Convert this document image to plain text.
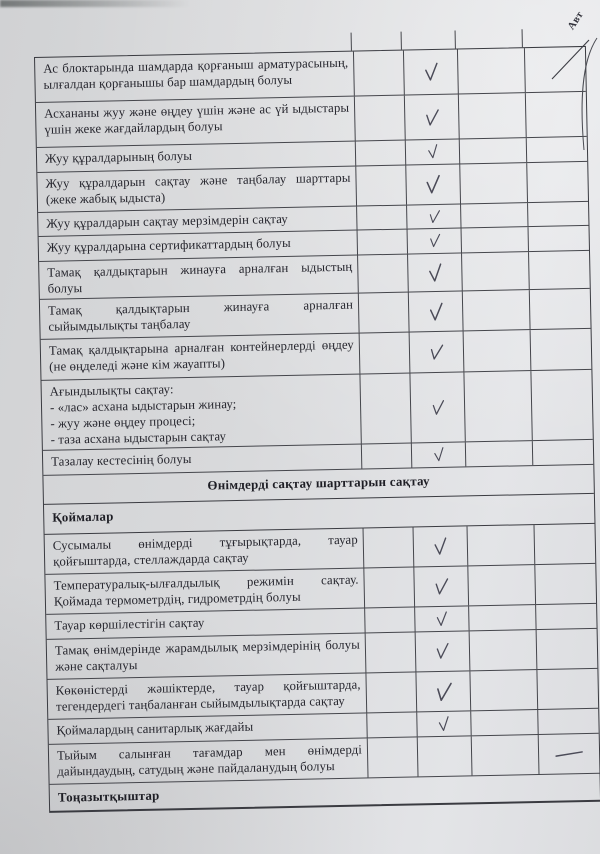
Ас блоктарында шамдарда қорғаныш арматурасының, ылғалдан қорғанышы бар шамдардың болуы
Асхананы жуу және өңдеу үшін және ас үй ыдыстары үшін жеке жағдайлардың болуы
Жуу құралдарының болуы
Жуу құралдарын сақтау және таңбалау шарттары (жеке жабық ыдыста)
Жуу құралдарын сақтау мерзімдерін сақтау
Жуу құралдарына сертификаттардың болуы
Тамақ қалдықтарын жинауға арналған ыдыстың болуы
Тамақ қалдықтарын жинауға арналған сыйымдылықты таңбалау
Тамақ қалдықтарына арналған контейнерлерді өңдеу (не өңделеді және кім жауапты)
Ағындылықты сақтау:
- «лас» асхана ыдыстарын жинау;
- жуу және өңдеу процесі;
- таза асхана ыдыстарын сақтау
Тазалау кестесінің болуы
Өнімдерді сақтау шарттарын сақтау
Қоймалар
Сусымалы өнімдерді тұғырықтарда, тауар қойғыштарда, стеллаждарда сақтау
Температуралық-ылғалдылық режимін сақтау. Қоймада термометрдің, гидрометрдің болуы
Тауар көршілестігін сақтау
Тамақ өнімдерінде жарамдылық мерзімдерінің болуы және сақталуы
Көкөністерді жәшіктерде, тауар қойғыштарда, тегендердегі таңбаланған сыйымдылықтарда сақтау
Қоймалардың санитарлық жағдайы
Тыйым салынған тағамдар мен өнімдерді дайындаудың, сатудың және пайдаланудың болуы
Тоңазытқыштар
Авт
